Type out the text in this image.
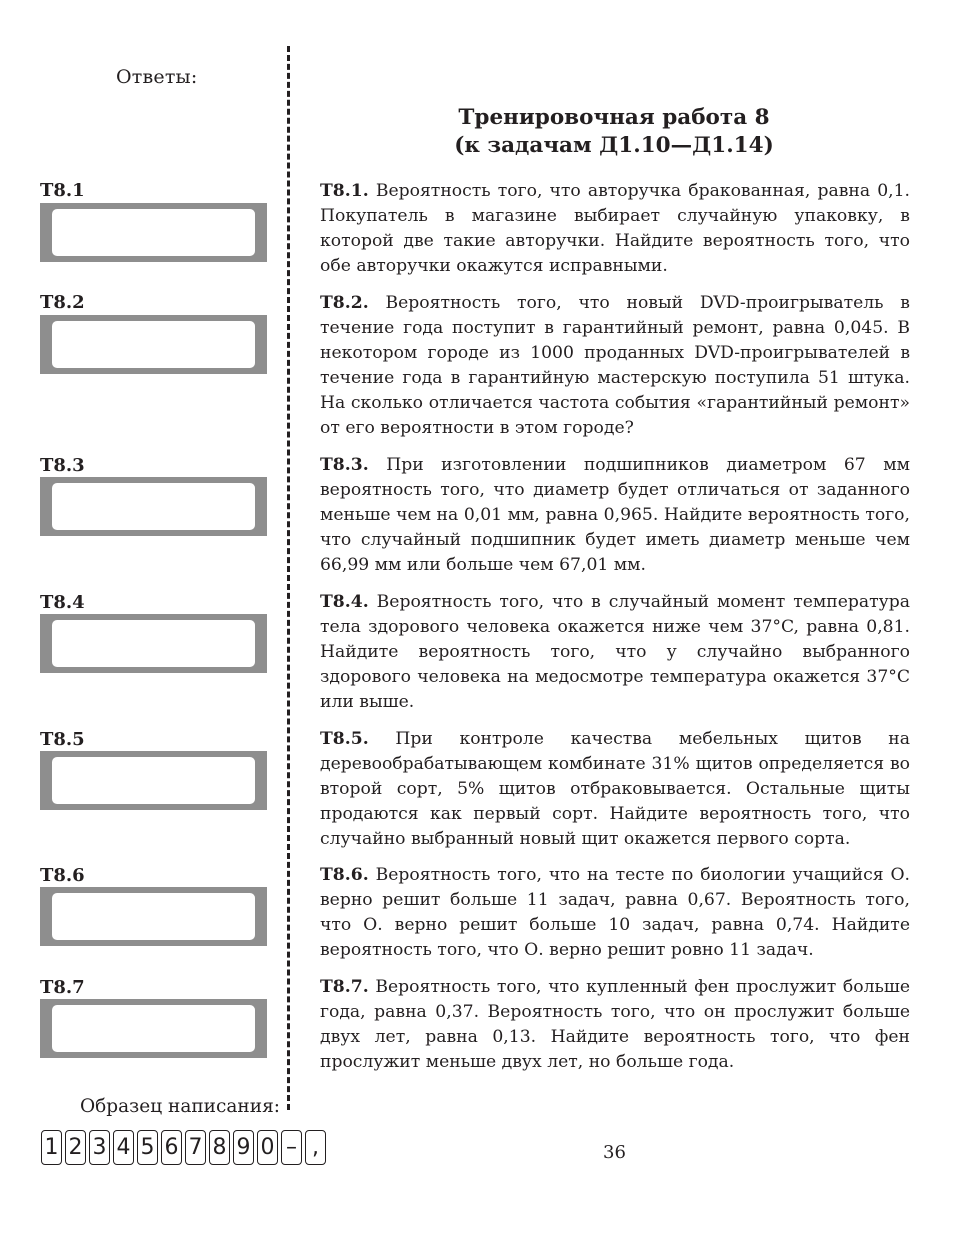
Ответы:
Тренировочная работа 8
(к задачам Д1.10—Д1.14)
T8.1
T8.2
T8.3
T8.4
T8.5
T8.6
T8.7
T8.1. Вероятность того, что авторучка бракованная, равна 0,1. Покупатель в магазине выбирает случайную упаковку, в которой две такие авторучки. Найдите вероятность того, что обе авторучки окажутся исправными.
T8.2. Вероятность того, что новый DVD-проигрыватель в течение года поступит в гарантийный ремонт, равна 0,045. В некотором городе из 1000 проданных DVD-проигрывателей в течение года в гарантийную мастерскую поступила 51 штука. На сколько отличается частота события «гарантийный ремонт» от его вероятности в этом городе?
T8.3. При изготовлении подшипников диаметром 67 мм вероятность того, что диаметр будет отличаться от заданного меньше чем на 0,01 мм, равна 0,965. Найдите вероятность того, что случайный подшипник будет иметь диаметр меньше чем 66,99 мм или больше чем 67,01 мм.
T8.4. Вероятность того, что в случайный момент температура тела здорового человека окажется ниже чем 37°C, равна 0,81. Найдите вероятность того, что у случайно выбранного здорового человека на медосмотре температура окажется 37°C или выше.
T8.5. При контроле качества мебельных щитов на деревообрабатывающем комбинате 31% щитов определяется во второй сорт, 5% щитов отбраковывается. Остальные щиты продаются как первый сорт. Найдите вероятность того, что случайно выбранный новый щит окажется первого сорта.
T8.6. Вероятность того, что на тесте по биологии учащийся О. верно решит больше 11 задач, равна 0,67. Вероятность того, что О. верно решит больше 10 задач, равна 0,74. Найдите вероятность того, что О. верно решит ровно 11 задач.
T8.7. Вероятность того, что купленный фен прослужит больше года, равна 0,37. Вероятность того, что он прослужит больше двух лет, равна 0,13. Найдите вероятность того, что фен прослужит меньше двух лет, но больше года.
Образец написания:
1 2 3 4 5 6 7 8 9 0 – ,	36
